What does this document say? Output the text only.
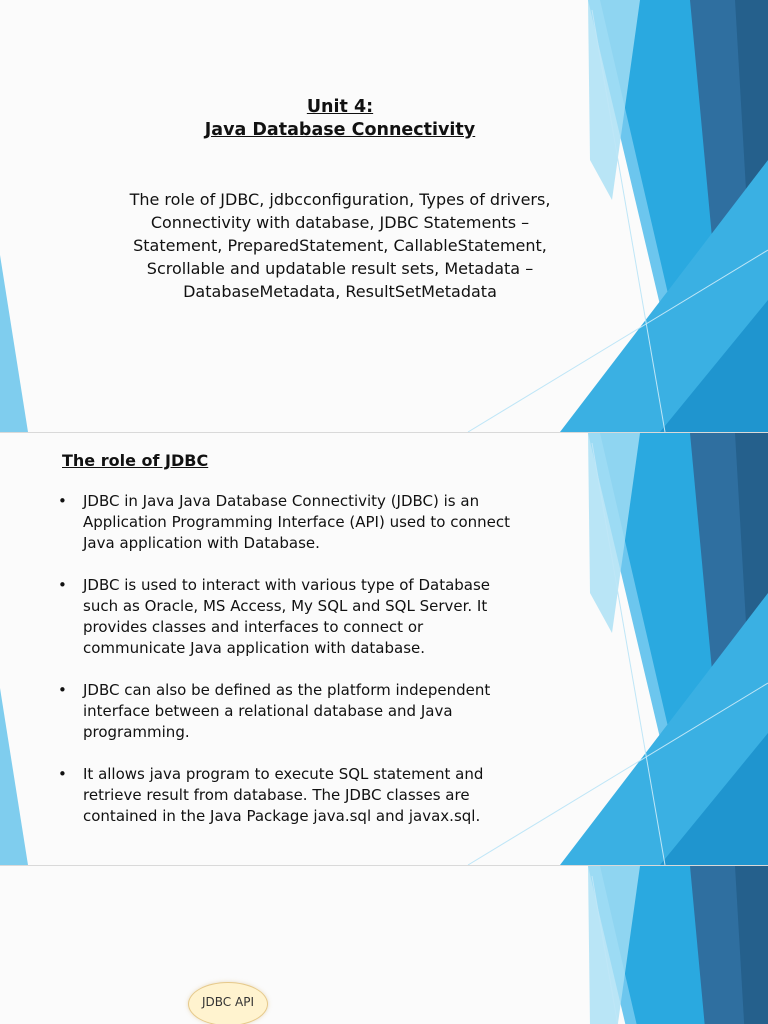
Unit 4:
Java Database Connectivity
The role of JDBC, jdbcconfiguration, Types of drivers, Connectivity with database, JDBC Statements – Statement, PreparedStatement, CallableStatement, Scrollable and updatable result sets, Metadata – DatabaseMetadata, ResultSetMetadata
The role of JDBC
• JDBC in Java Java Database Connectivity (JDBC) is an Application Programming Interface (API) used to connect Java application with Database.
• JDBC is used to interact with various type of Database such as Oracle, MS Access, My SQL and SQL Server. It provides classes and interfaces to connect or communicate Java application with database.
• JDBC can also be defined as the platform independent interface between a relational database and Java programming.
• It allows java program to execute SQL statement and retrieve result from database. The JDBC classes are contained in the Java Package java.sql and javax.sql.
JDBC API
